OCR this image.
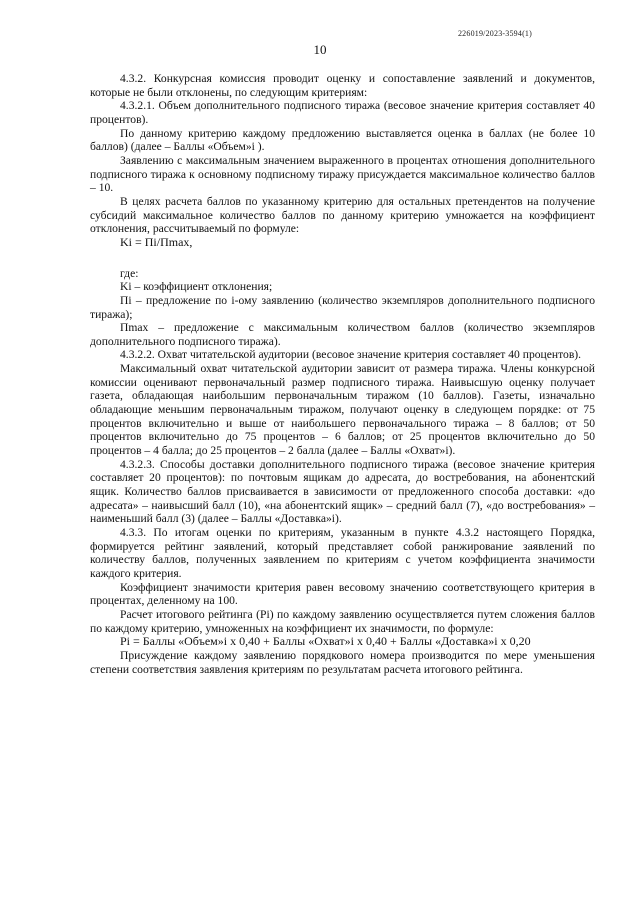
226019/2023-3594(1)
10

4.3.2. Конкурсная комиссия проводит оценку и сопоставление заявлений и документов, которые не были отклонены, по следующим критериям:

4.3.2.1. Объем дополнительного подписного тиража (весовое значение критерия составляет 40 процентов).

По данному критерию каждому предложению выставляется оценка в баллах (не более 10 баллов) (далее – Баллы «Объем»i ).

Заявлению с максимальным значением выраженного в процентах отношения дополнительного подписного тиража к основному подписному тиражу присуждается максимальное количество баллов – 10.

В целях расчета баллов по указанному критерию для остальных претендентов на получение субсидий максимальное количество баллов по данному критерию умножается на коэффициент отклонения, рассчитываемый по формуле:

Ki = Пi/Пmax,

где:

Ki – коэффициент отклонения;

Пi – предложение по i-ому заявлению (количество экземпляров дополнительного подписного тиража);

Пmax – предложение с максимальным количеством баллов (количество экземпляров дополнительного подписного тиража).

4.3.2.2. Охват читательской аудитории (весовое значение критерия составляет 40 процентов).

Максимальный охват читательской аудитории зависит от размера тиража. Члены конкурсной комиссии оценивают первоначальный размер подписного тиража. Наивысшую оценку получает газета, обладающая наибольшим первоначальным тиражом (10 баллов). Газеты, изначально обладающие меньшим первоначальным тиражом, получают оценку в следующем порядке: от 75 процентов включительно и выше от наибольшего первоначального тиража – 8 баллов; от 50 процентов включительно до 75 процентов – 6 баллов; от 25 процентов включительно до 50 процентов – 4 балла; до 25 процентов – 2 балла (далее – Баллы «Охват»i).

4.3.2.3. Способы доставки дополнительного подписного тиража (весовое значение критерия составляет 20 процентов): по почтовым ящикам до адресата, до востребования, на абонентский ящик. Количество баллов присваивается в зависимости от предложенного способа доставки: «до адресата» – наивысший балл (10), «на абонентский ящик» – средний балл (7), «до востребования» – наименьший балл (3) (далее – Баллы «Доставка»i).

4.3.3. По итогам оценки по критериям, указанным в пункте 4.3.2 настоящего Порядка, формируется рейтинг заявлений, который представляет собой ранжирование заявлений по количеству баллов, полученных заявлением по критериям с учетом коэффициента значимости каждого критерия.

Коэффициент значимости критерия равен весовому значению соответствующего критерия в процентах, деленному на 100.

Расчет итогового рейтинга (Pi) по каждому заявлению осуществляется путем сложения баллов по каждому критерию, умноженных на коэффициент их значимости, по формуле:

Pi = Баллы «Объем»i x 0,40 + Баллы «Охват»i x 0,40 + Баллы «Доставка»i x 0,20

Присуждение каждому заявлению порядкового номера производится по мере уменьшения степени соответствия заявления критериям по результатам расчета итогового рейтинга.
